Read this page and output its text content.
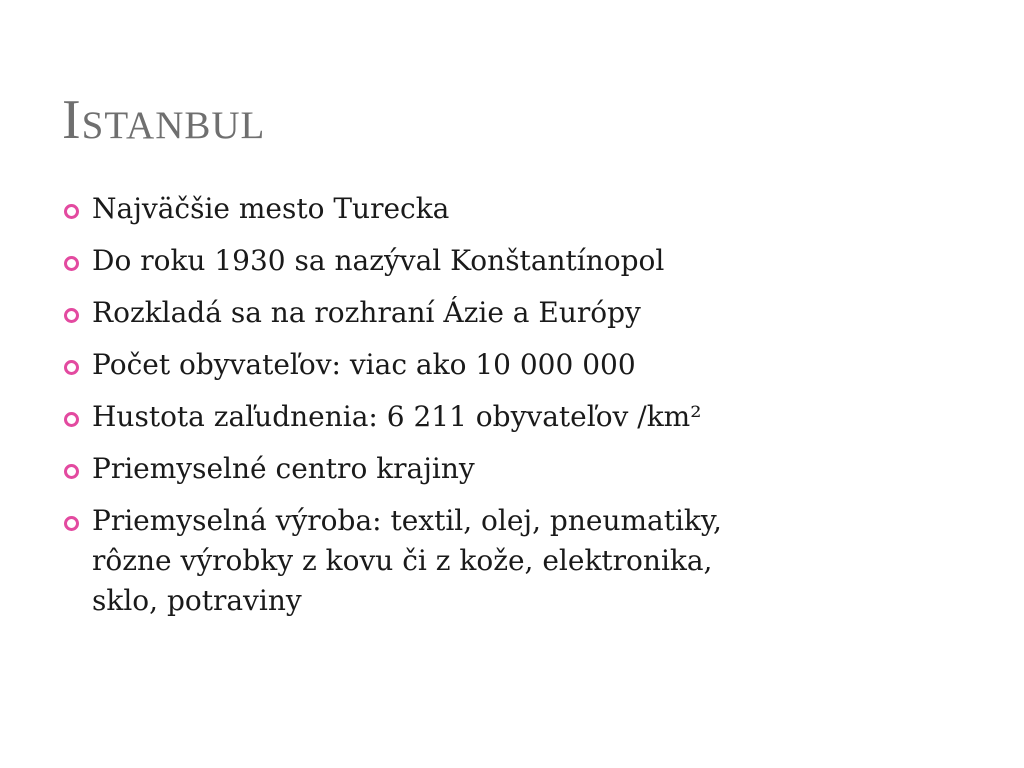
Istanbul
Najväčšie mesto Turecka
Do roku 1930 sa nazýval Konštantínopol
Rozkladá sa na rozhraní Ázie a Európy
Počet obyvateľov: viac ako 10 000 000
Hustota zaľudnenia: 6 211 obyvateľov /km²
Priemyselné centro krajiny
Priemyselná výroba: textil, olej, pneumatiky,
rôzne výrobky z kovu či z kože, elektronika,
sklo, potraviny
